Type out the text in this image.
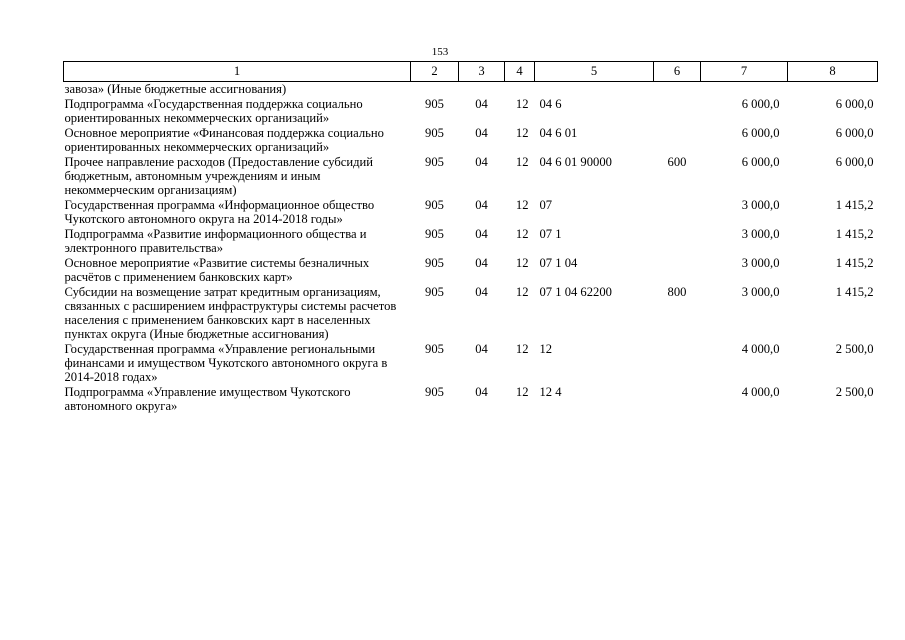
153
1	2	3	4	5	6	7	8
завоза» (Иные бюджетные ассигнования)							
Подпрограмма «Государственная поддержка социально ориентированных некоммерческих организаций»	905	04	12	04 6		6 000,0	6 000,0
Основное мероприятие «Финансовая поддержка социально ориентированных некоммерческих организаций»	905	04	12	04 6 01		6 000,0	6 000,0
Прочее направление расходов (Предоставление субсидий бюджетным, автономным учреждениям и иным некоммерческим организациям)	905	04	12	04 6 01 90000	600	6 000,0	6 000,0
Государственная программа «Информационное общество Чукотского автономного округа на 2014-2018 годы»	905	04	12	07		3 000,0	1 415,2
Подпрограмма «Развитие информационного общества и электронного правительства»	905	04	12	07 1		3 000,0	1 415,2
Основное мероприятие «Развитие системы безналичных расчётов с применением банковских карт»	905	04	12	07 1 04		3 000,0	1 415,2
Субсидии на возмещение затрат кредитным организациям, связанных с расширением инфраструктуры системы расчетов населения с применением банковских карт в населенных пунктах округа (Иные бюджетные ассигнования)	905	04	12	07 1 04 62200	800	3 000,0	1 415,2
Государственная программа «Управление региональными финансами и имуществом Чукотского автономного округа в 2014-2018 годах»	905	04	12	12		4 000,0	2 500,0
Подпрограмма «Управление имуществом Чукотского автономного округа»	905	04	12	12 4		4 000,0	2 500,0
